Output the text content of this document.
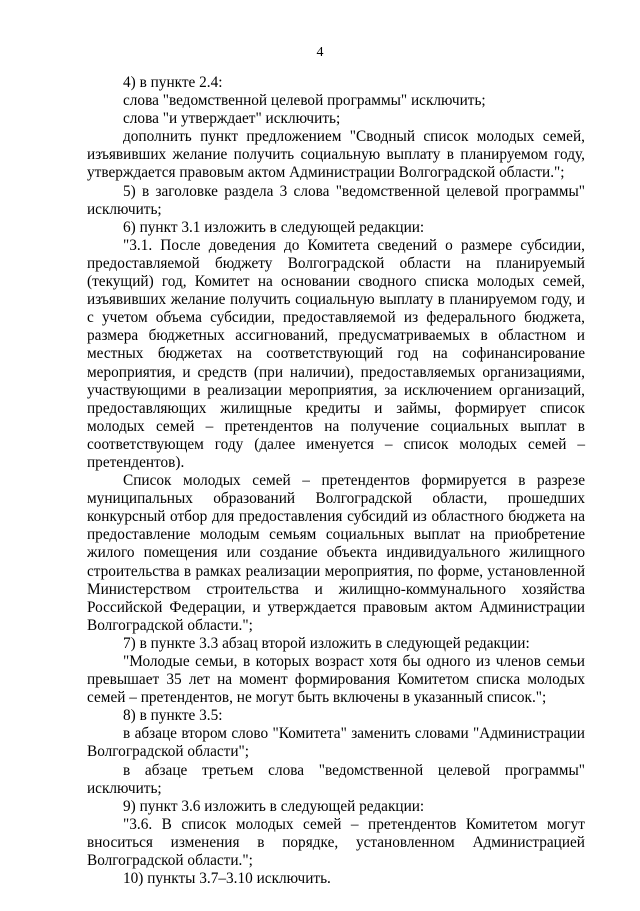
4

4) в пункте 2.4:

слова "ведомственной целевой программы" исключить;

слова "и утверждает" исключить;

дополнить пункт предложением "Сводный список молодых семей, изъявивших желание получить социальную выплату в планируемом году, утверждается правовым актом Администрации Волгоградской области.";

5) в заголовке раздела 3 слова "ведомственной целевой программы" исключить;

6) пункт 3.1 изложить в следующей редакции:

"3.1. После доведения до Комитета сведений о размере субсидии, предоставляемой бюджету Волгоградской области на планируемый (текущий) год, Комитет на основании сводного списка молодых семей, изъявивших желание получить социальную выплату в планируемом году, и с учетом объема субсидии, предоставляемой из федерального бюджета, размера бюджетных ассигнований, предусматриваемых в областном и местных бюджетах на соответствующий год на софинансирование мероприятия, и средств (при наличии), предоставляемых организациями, участвующими в реализации мероприятия, за исключением организаций, предоставляющих жилищные кредиты и займы, формирует список молодых семей – претендентов на получение социальных выплат в соответствующем году (далее именуется – список молодых семей – претендентов).

Список молодых семей – претендентов формируется в разрезе муниципальных образований Волгоградской области, прошедших конкурсный отбор для предоставления субсидий из областного бюджета на предоставление молодым семьям социальных выплат на приобретение жилого помещения или создание объекта индивидуального жилищного строительства в рамках реализации мероприятия, по форме, установленной Министерством строительства и жилищно-коммунального хозяйства Российской Федерации, и утверждается правовым актом Администрации Волгоградской области.";

7) в пункте 3.3 абзац второй изложить в следующей редакции:

"Молодые семьи, в которых возраст хотя бы одного из членов семьи превышает 35 лет на момент формирования Комитетом списка молодых семей – претендентов, не могут быть включены в указанный список.";

8) в пункте 3.5:

в абзаце втором слово "Комитета" заменить словами "Администрации Волгоградской области";

в абзаце третьем слова "ведомственной целевой программы" исключить;

9) пункт 3.6 изложить в следующей редакции:

"3.6. В список молодых семей – претендентов Комитетом могут вноситься изменения в порядке, установленном Администрацией Волгоградской области.";

10) пункты 3.7–3.10 исключить.
